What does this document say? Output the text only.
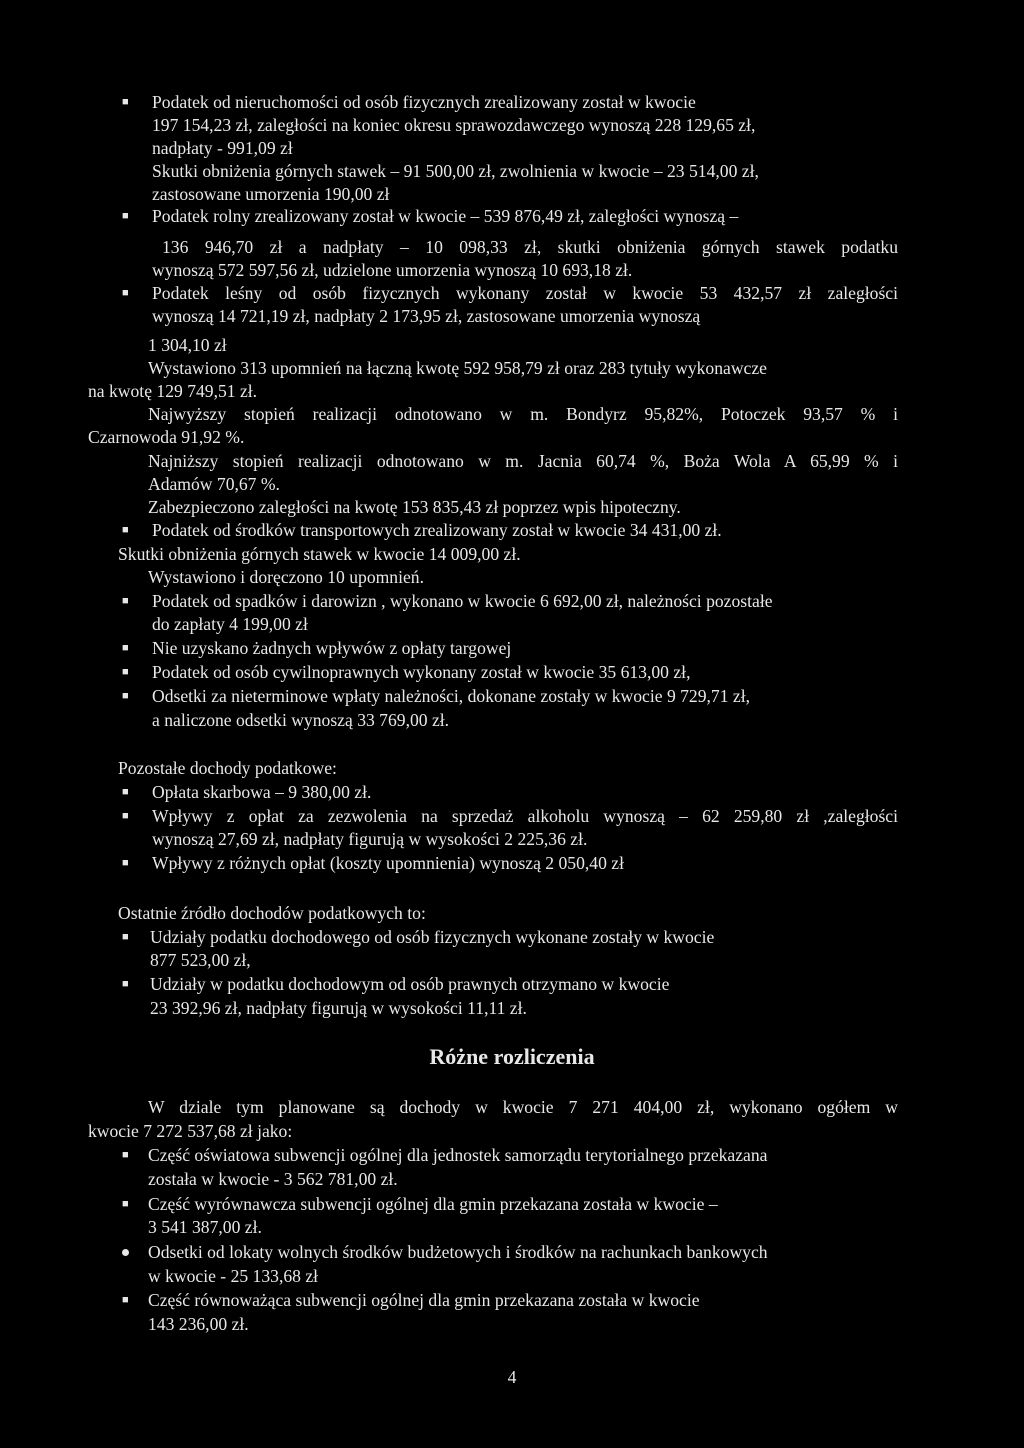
■
■
■
■
■
■
■
■
■
■
■
■
■
■
■
■
Podatek od nieruchomości od osób fizycznych zrealizowany został w kwocie
197 154,23 zł, zaległości na koniec okresu sprawozdawczego wynoszą 228 129,65 zł,
nadpłaty - 991,09 zł
Skutki obniżenia górnych stawek – 91 500,00 zł, zwolnienia w kwocie – 23 514,00 zł,
zastosowane umorzenia 190,00 zł
Podatek rolny zrealizowany został w kwocie – 539 876,49 zł, zaległości wynoszą –
136 946,70 zł a nadpłaty – 10 098,33 zł, skutki obniżenia górnych stawek podatku
wynoszą 572 597,56 zł, udzielone umorzenia wynoszą 10 693,18 zł.
Podatek leśny od osób fizycznych wykonany został w kwocie 53 432,57 zł zaległości
wynoszą 14 721,19 zł, nadpłaty 2 173,95 zł, zastosowane umorzenia wynoszą
1 304,10 zł
Wystawiono 313 upomnień na łączną kwotę 592 958,79 zł oraz 283 tytuły wykonawcze
na kwotę 129 749,51 zł.
Najwyższy stopień realizacji odnotowano w m. Bondyrz 95,82%, Potoczek 93,57 % i
Czarnowoda 91,92 %.
Najniższy stopień realizacji odnotowano w m. Jacnia 60,74 %, Boża Wola A 65,99 % i
Adamów 70,67 %.
Zabezpieczono zaległości na kwotę 153 835,43 zł poprzez wpis hipoteczny.
Podatek od środków transportowych zrealizowany został w kwocie 34 431,00 zł.
Skutki obniżenia górnych stawek w kwocie 14 009,00 zł.
Wystawiono i doręczono 10 upomnień.
Podatek od spadków i darowizn , wykonano w kwocie 6 692,00 zł, należności pozostałe
do zapłaty 4 199,00 zł
Nie uzyskano żadnych wpływów z opłaty targowej
Podatek od osób cywilnoprawnych wykonany został w kwocie 35 613,00 zł,
Odsetki za nieterminowe wpłaty należności, dokonane zostały w kwocie 9 729,71 zł,
a naliczone odsetki wynoszą 33 769,00 zł.
Pozostałe dochody podatkowe:
Opłata skarbowa – 9 380,00 zł.
Wpływy z opłat za zezwolenia na sprzedaż alkoholu wynoszą – 62 259,80 zł ,zaległości
wynoszą 27,69 zł, nadpłaty figurują w wysokości 2 225,36 zł.
Wpływy z różnych opłat (koszty upomnienia) wynoszą 2 050,40 zł
Ostatnie źródło dochodów podatkowych to:
Udziały podatku dochodowego od osób fizycznych wykonane zostały w kwocie
877 523,00 zł,
Udziały w podatku dochodowym od osób prawnych otrzymano w kwocie
23 392,96 zł, nadpłaty figurują w wysokości 11,11 zł.
Różne rozliczenia
W dziale tym planowane są dochody w kwocie 7 271 404,00 zł, wykonano ogółem w
kwocie 7 272 537,68 zł jako:
Część oświatowa subwencji ogólnej dla jednostek samorządu terytorialnego przekazana
została w kwocie - 3 562 781,00 zł.
Część wyrównawcza subwencji ogólnej dla gmin przekazana została w kwocie –
3 541 387,00 zł.
Odsetki od lokaty wolnych środków budżetowych i środków na rachunkach bankowych
w kwocie - 25 133,68 zł
Część równoważąca subwencji ogólnej dla gmin przekazana została w kwocie
143 236,00 zł.
4
